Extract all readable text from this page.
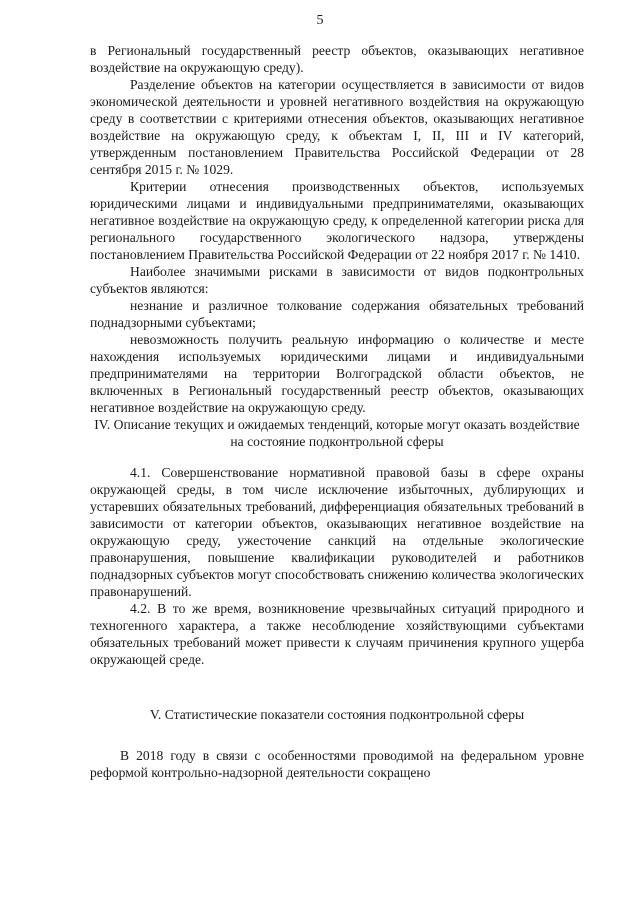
5

в Региональный государственный реестр объектов, оказывающих негативное воздействие на окружающую среду).

Разделение объектов на категории осуществляется в зависимости от видов экономической деятельности и уровней негативного воздействия на окружающую среду в соответствии с критериями отнесения объектов, оказывающих негативное воздействие на окружающую среду, к объектам I, II, III и IV категорий, утвержденным постановлением Правительства Российской Федерации от 28 сентября 2015 г. № 1029.

Критерии отнесения производственных объектов, используемых юридическими лицами и индивидуальными предпринимателями, оказывающих негативное воздействие на окружающую среду, к определенной категории риска для регионального государственного экологического надзора, утверждены постановлением Правительства Российской Федерации от 22 ноября 2017 г. № 1410.

Наиболее значимыми рисками в зависимости от видов подконтрольных субъектов являются:

незнание и различное толкование содержания обязательных требований поднадзорными субъектами;

невозможность получить реальную информацию о количестве и месте нахождения используемых юридическими лицами и индивидуальными предпринимателями на территории Волгоградской области объектов, не включенных в Региональный государственный реестр объектов, оказывающих негативное воздействие на окружающую среду.

IV. Описание текущих и ожидаемых тенденций, которые могут оказать воздействие на состояние подконтрольной сферы

4.1. Совершенствование нормативной правовой базы в сфере охраны окружающей среды, в том числе исключение избыточных, дублирующих и устаревших обязательных требований, дифференциация обязательных требований в зависимости от категории объектов, оказывающих негативное воздействие на окружающую среду, ужесточение санкций на отдельные экологические правонарушения, повышение квалификации руководителей и работников поднадзорных субъектов могут способствовать снижению количества экологических правонарушений.

4.2. В то же время, возникновение чрезвычайных ситуаций природного и техногенного характера, а также несоблюдение хозяйствующими субъектами обязательных требований может привести к случаям причинения крупного ущерба окружающей среде.

V. Статистические показатели состояния подконтрольной сферы

В 2018 году в связи с особенностями проводимой на федеральном уровне реформой контрольно-надзорной деятельности сокращено
